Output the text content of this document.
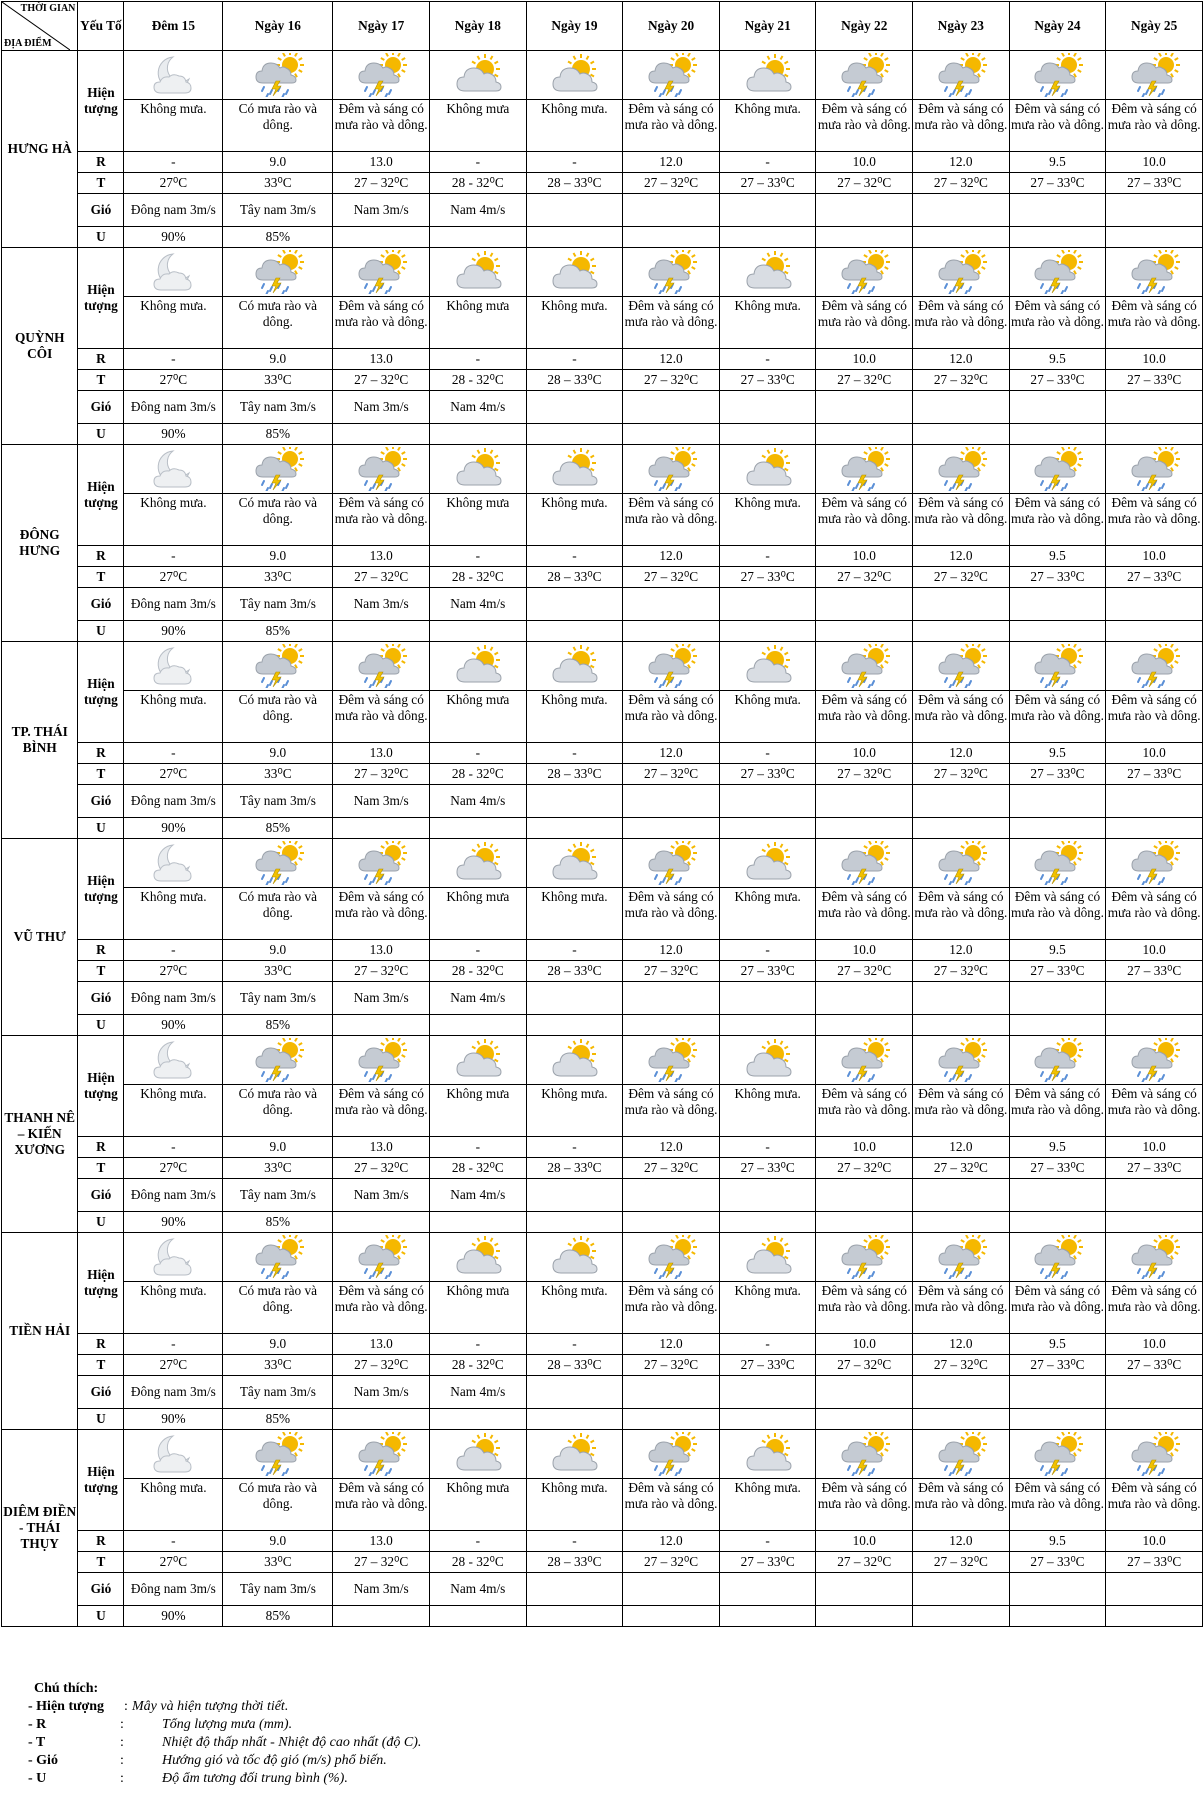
THỜI GIAN
ĐỊA ĐIỂM	Yếu Tố	Đêm 15	Ngày 16	Ngày 17	Ngày 18	Ngày 19	Ngày 20	Ngày 21	Ngày 22	Ngày 23	Ngày 24	Ngày 25
HƯNG HÀ	Hiện tượng	

		Không mưa.	Có mưa rào và dông.	Đêm và sáng có mưa rào và dông.	Không mưa	Không mưa.	Đêm và sáng có mưa rào và dông.	Không mưa.	Đêm và sáng có mưa rào và dông.	Đêm và sáng có mưa rào và dông.	Đêm và sáng có mưa rào và dông.	Đêm và sáng có mưa rào và dông.
	R	-	9.0	13.0	-	-	12.0	-	10.0	12.0	9.5	10.0
	T	27⁰C	33⁰C	27 – 32⁰C	28 - 32⁰C	28 – 33⁰C	27 – 32⁰C	27 – 33⁰C	27 – 32⁰C	27 – 32⁰C	27 – 33⁰C	27 – 33⁰C
	Gió	Đông nam 3m/s	Tây nam 3m/s	Nam 3m/s	Nam 4m/s							
	U	90%	85%									
QUỲNH CÔI	Hiện tượng	

		Không mưa.	Có mưa rào và dông.	Đêm và sáng có mưa rào và dông.	Không mưa	Không mưa.	Đêm và sáng có mưa rào và dông.	Không mưa.	Đêm và sáng có mưa rào và dông.	Đêm và sáng có mưa rào và dông.	Đêm và sáng có mưa rào và dông.	Đêm và sáng có mưa rào và dông.
	R	-	9.0	13.0	-	-	12.0	-	10.0	12.0	9.5	10.0
	T	27⁰C	33⁰C	27 – 32⁰C	28 - 32⁰C	28 – 33⁰C	27 – 32⁰C	27 – 33⁰C	27 – 32⁰C	27 – 32⁰C	27 – 33⁰C	27 – 33⁰C
	Gió	Đông nam 3m/s	Tây nam 3m/s	Nam 3m/s	Nam 4m/s							
	U	90%	85%									
ĐÔNG HƯNG	Hiện tượng	

		Không mưa.	Có mưa rào và dông.	Đêm và sáng có mưa rào và dông.	Không mưa	Không mưa.	Đêm và sáng có mưa rào và dông.	Không mưa.	Đêm và sáng có mưa rào và dông.	Đêm và sáng có mưa rào và dông.	Đêm và sáng có mưa rào và dông.	Đêm và sáng có mưa rào và dông.
	R	-	9.0	13.0	-	-	12.0	-	10.0	12.0	9.5	10.0
	T	27⁰C	33⁰C	27 – 32⁰C	28 - 32⁰C	28 – 33⁰C	27 – 32⁰C	27 – 33⁰C	27 – 32⁰C	27 – 32⁰C	27 – 33⁰C	27 – 33⁰C
	Gió	Đông nam 3m/s	Tây nam 3m/s	Nam 3m/s	Nam 4m/s							
	U	90%	85%									
TP. THÁI BÌNH	Hiện tượng	

		Không mưa.	Có mưa rào và dông.	Đêm và sáng có mưa rào và dông.	Không mưa	Không mưa.	Đêm và sáng có mưa rào và dông.	Không mưa.	Đêm và sáng có mưa rào và dông.	Đêm và sáng có mưa rào và dông.	Đêm và sáng có mưa rào và dông.	Đêm và sáng có mưa rào và dông.
	R	-	9.0	13.0	-	-	12.0	-	10.0	12.0	9.5	10.0
	T	27⁰C	33⁰C	27 – 32⁰C	28 - 32⁰C	28 – 33⁰C	27 – 32⁰C	27 – 33⁰C	27 – 32⁰C	27 – 32⁰C	27 – 33⁰C	27 – 33⁰C
	Gió	Đông nam 3m/s	Tây nam 3m/s	Nam 3m/s	Nam 4m/s							
	U	90%	85%									
VŨ THƯ	Hiện tượng	

		Không mưa.	Có mưa rào và dông.	Đêm và sáng có mưa rào và dông.	Không mưa	Không mưa.	Đêm và sáng có mưa rào và dông.	Không mưa.	Đêm và sáng có mưa rào và dông.	Đêm và sáng có mưa rào và dông.	Đêm và sáng có mưa rào và dông.	Đêm và sáng có mưa rào và dông.
	R	-	9.0	13.0	-	-	12.0	-	10.0	12.0	9.5	10.0
	T	27⁰C	33⁰C	27 – 32⁰C	28 - 32⁰C	28 – 33⁰C	27 – 32⁰C	27 – 33⁰C	27 – 32⁰C	27 – 32⁰C	27 – 33⁰C	27 – 33⁰C
	Gió	Đông nam 3m/s	Tây nam 3m/s	Nam 3m/s	Nam 4m/s							
	U	90%	85%									
THANH NÊ – KIẾN XƯƠNG	Hiện tượng	

		Không mưa.	Có mưa rào và dông.	Đêm và sáng có mưa rào và dông.	Không mưa	Không mưa.	Đêm và sáng có mưa rào và dông.	Không mưa.	Đêm và sáng có mưa rào và dông.	Đêm và sáng có mưa rào và dông.	Đêm và sáng có mưa rào và dông.	Đêm và sáng có mưa rào và dông.
	R	-	9.0	13.0	-	-	12.0	-	10.0	12.0	9.5	10.0
	T	27⁰C	33⁰C	27 – 32⁰C	28 - 32⁰C	28 – 33⁰C	27 – 32⁰C	27 – 33⁰C	27 – 32⁰C	27 – 32⁰C	27 – 33⁰C	27 – 33⁰C
	Gió	Đông nam 3m/s	Tây nam 3m/s	Nam 3m/s	Nam 4m/s							
	U	90%	85%									
TIỀN HẢI	Hiện tượng	

		Không mưa.	Có mưa rào và dông.	Đêm và sáng có mưa rào và dông.	Không mưa	Không mưa.	Đêm và sáng có mưa rào và dông.	Không mưa.	Đêm và sáng có mưa rào và dông.	Đêm và sáng có mưa rào và dông.	Đêm và sáng có mưa rào và dông.	Đêm và sáng có mưa rào và dông.
	R	-	9.0	13.0	-	-	12.0	-	10.0	12.0	9.5	10.0
	T	27⁰C	33⁰C	27 – 32⁰C	28 - 32⁰C	28 – 33⁰C	27 – 32⁰C	27 – 33⁰C	27 – 32⁰C	27 – 32⁰C	27 – 33⁰C	27 – 33⁰C
	Gió	Đông nam 3m/s	Tây nam 3m/s	Nam 3m/s	Nam 4m/s							
	U	90%	85%									
DIÊM ĐIỀN - THÁI THỤY	Hiện tượng	

		Không mưa.	Có mưa rào và dông.	Đêm và sáng có mưa rào và dông.	Không mưa	Không mưa.	Đêm và sáng có mưa rào và dông.	Không mưa.	Đêm và sáng có mưa rào và dông.	Đêm và sáng có mưa rào và dông.	Đêm và sáng có mưa rào và dông.	Đêm và sáng có mưa rào và dông.
	R	-	9.0	13.0	-	-	12.0	-	10.0	12.0	9.5	10.0
	T	27⁰C	33⁰C	27 – 32⁰C	28 - 32⁰C	28 – 33⁰C	27 – 32⁰C	27 – 33⁰C	27 – 32⁰C	27 – 32⁰C	27 – 33⁰C	27 – 33⁰C
	Gió	Đông nam 3m/s	Tây nam 3m/s	Nam 3m/s	Nam 4m/s							
	U	90%	85%									
Chú thích:
- Hiện tượng	: Mây và hiện tượng thời tiết.
- R	:	Tổng lượng mưa (mm).
- T	:	Nhiệt độ thấp nhất - Nhiệt độ cao nhất (độ C).
- Gió	:	Hướng gió và tốc độ gió (m/s) phổ biến.
- U	:	Độ ẩm tương đối trung bình (%).
